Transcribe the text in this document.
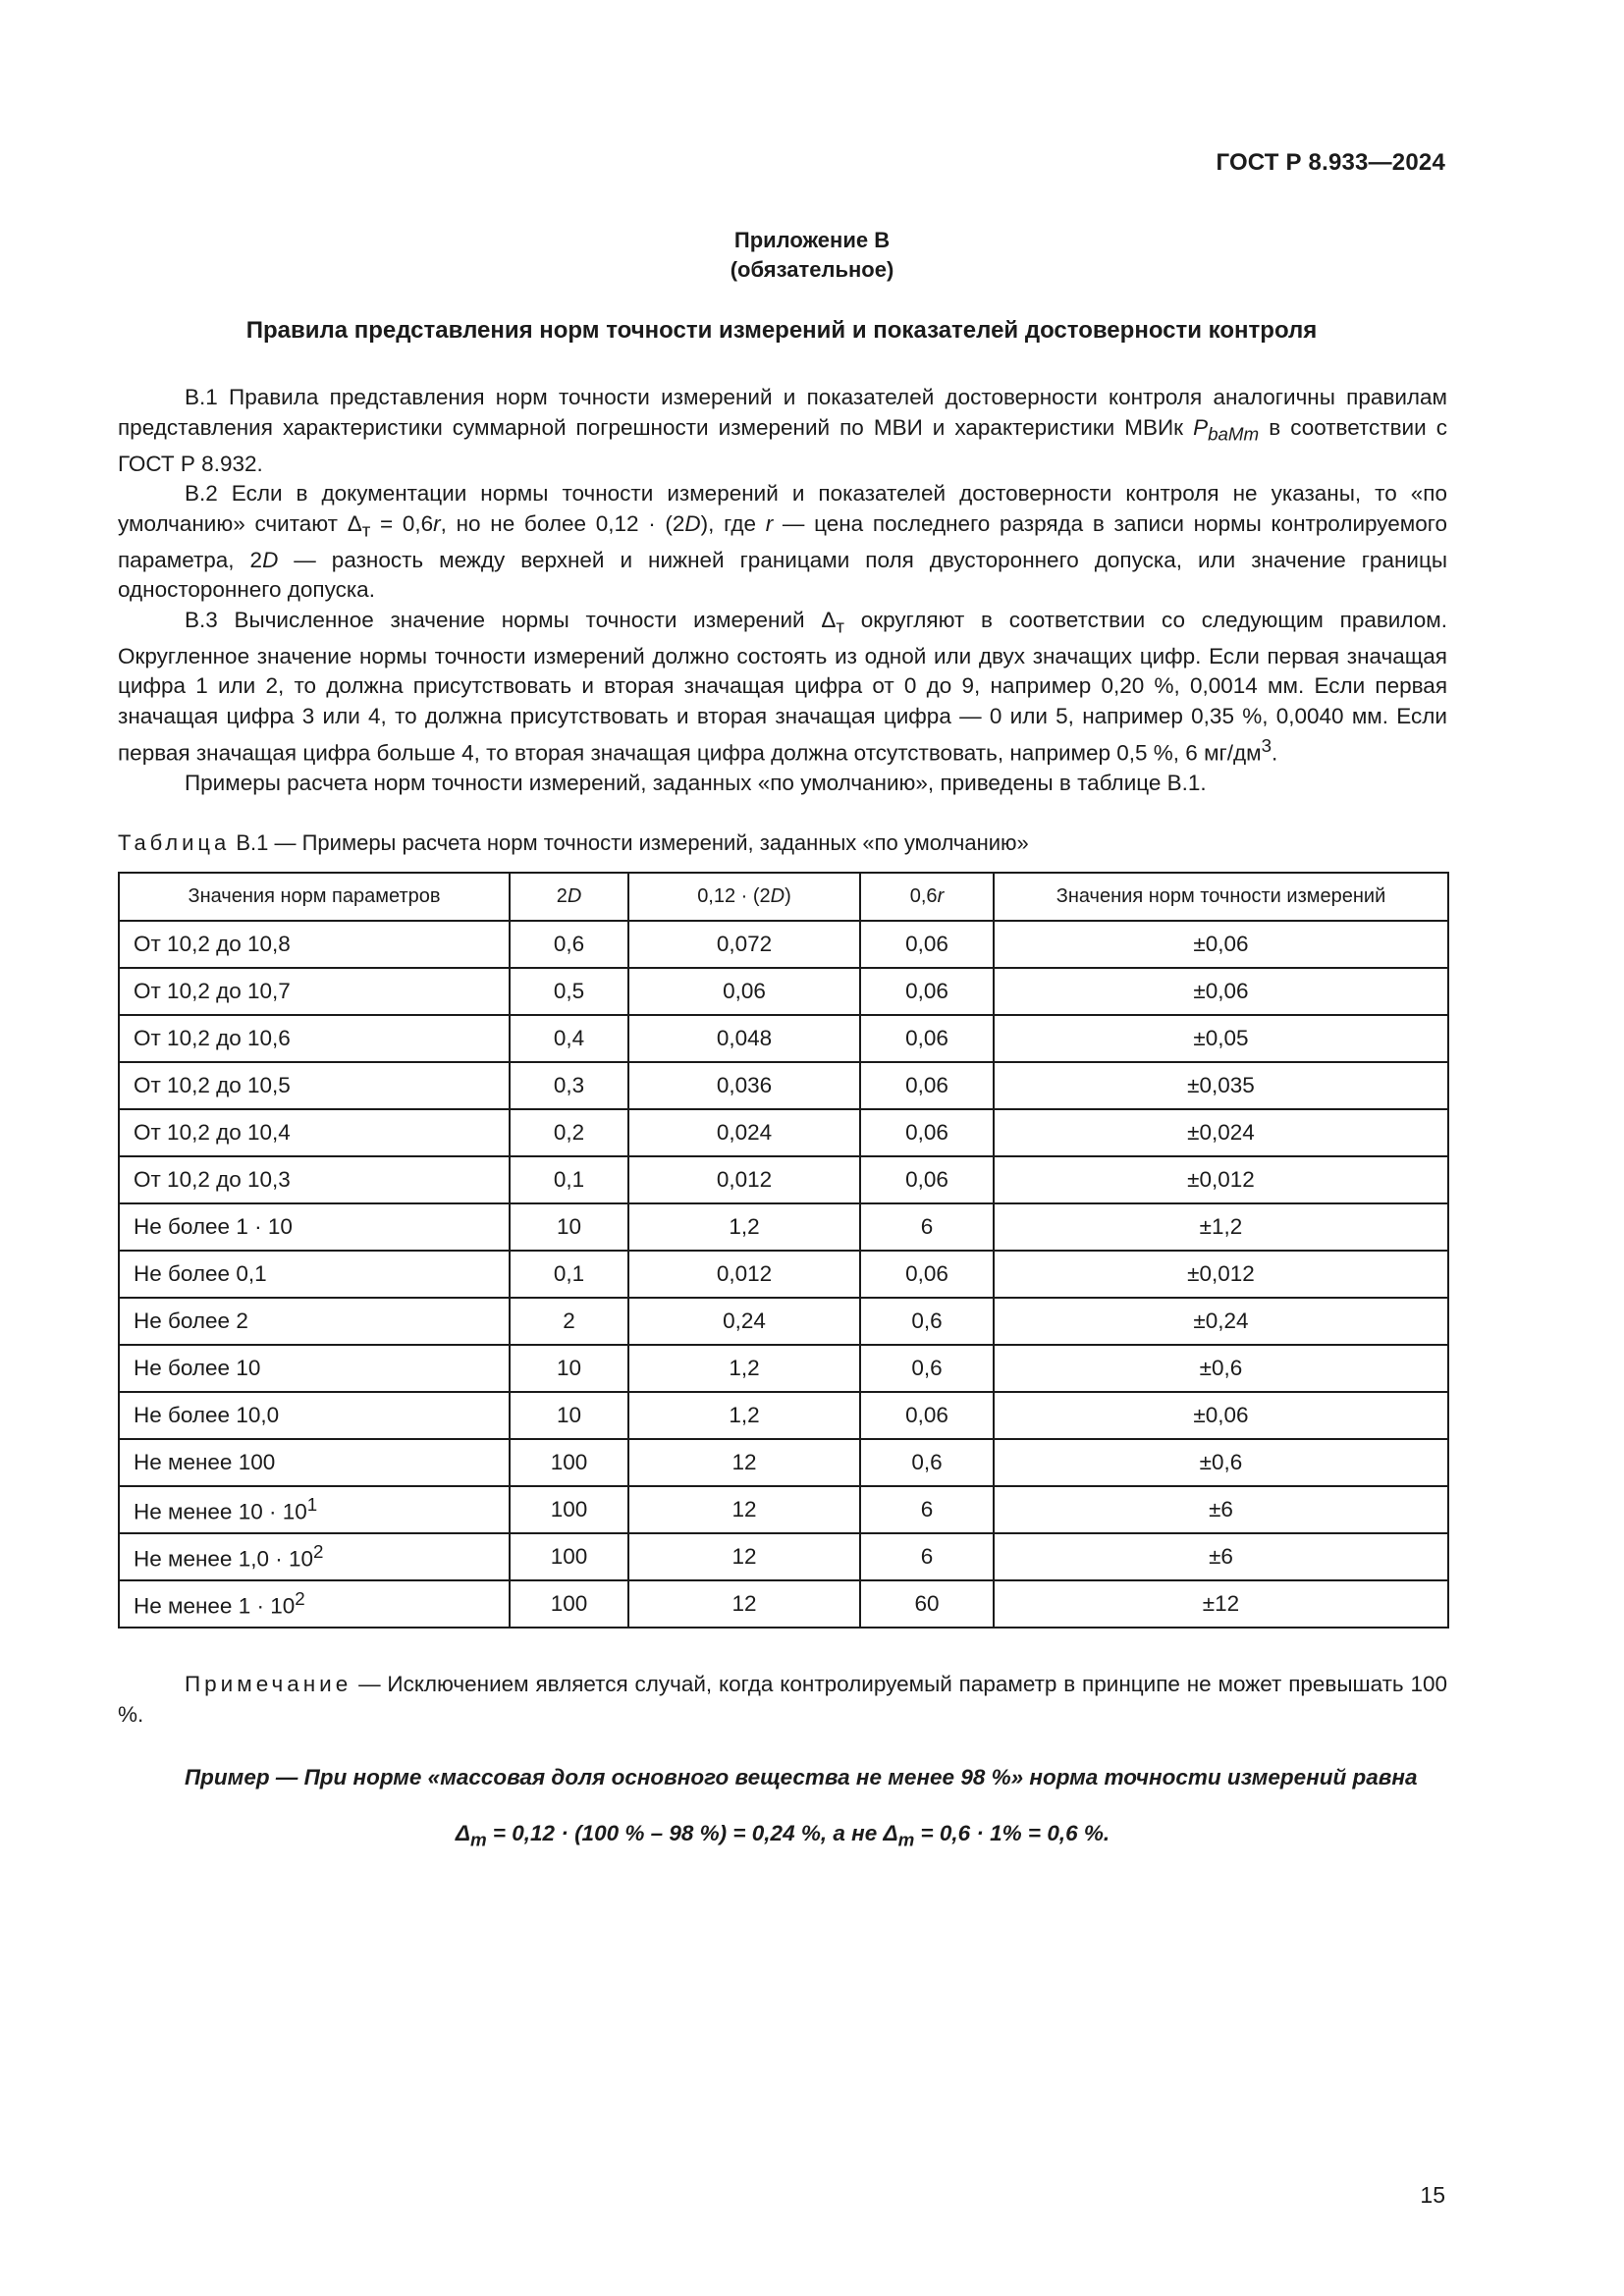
ГОСТ Р 8.933—2024
Приложение В
(обязательное)
Правила представления норм точности измерений и показателей достоверности контроля

В.1 Правила представления норм точности измерений и показателей достоверности контроля аналогичны правилам представления характеристики суммарной погрешности измерений по МВИ и характеристики МВИк $P_{baMm}$ в соответствии с ГОСТ Р 8.932.

В.2 Если в документации нормы точности измерений и показателей достоверности контроля не указаны, то «по умолчанию» считают $\Delta_т = 0,6r$, но не более 0,12 · (2D), где r — цена последнего разряда в записи нормы контролируемого параметра, 2D — разность между верхней и нижней границами поля двустороннего допуска, или значение границы одностороннего допуска.

В.3 Вычисленное значение нормы точности измерений $\Delta_т$ округляют в соответствии со следующим правилом. Округленное значение нормы точности измерений должно состоять из одной или двух значащих цифр. Если первая значащая цифра 1 или 2, то должна присутствовать и вторая значащая цифра от 0 до 9, например 0,20 %, 0,0014 мм. Если первая значащая цифра 3 или 4, то должна присутствовать и вторая значащая цифра — 0 или 5, например 0,35 %, 0,0040 мм. Если первая значащая цифра больше 4, то вторая значащая цифра должна отсутствовать, например 0,5 %, 6 $мг/дм^3$.

Примеры расчета норм точности измерений, заданных «по умолчанию», приведены в таблице В.1.

Таблица В.1 — Примеры расчета норм точности измерений, заданных «по умолчанию»
Значения норм параметров	2D	0,12 · (2D)	0,6r	Значения норм точности измерений
От 10,2 до 10,8	0,6	0,072	0,06	±0,06
От 10,2 до 10,7	0,5	0,06	0,06	±0,06
От 10,2 до 10,6	0,4	0,048	0,06	±0,05
От 10,2 до 10,5	0,3	0,036	0,06	±0,035
От 10,2 до 10,4	0,2	0,024	0,06	±0,024
От 10,2 до 10,3	0,1	0,012	0,06	±0,012
Не более 1 · 10	10	1,2	6	±1,2
Не более 0,1	0,1	0,012	0,06	±0,012
Не более 2	2	0,24	0,6	±0,24
Не более 10	10	1,2	0,6	±0,6
Не более 10,0	10	1,2	0,06	±0,06
Не менее 100	100	12	0,6	±0,6
Не менее $10 \cdot 10^1$	100	12	6	±6
Не менее $1,0 \cdot 10^2$	100	12	6	±6
Не менее $1 \cdot 10^2$	100	12	60	±12

Примечание — Исключением является случай, когда контролируемый параметр в принципе не может превышать 100 %.

Пример — При норме «массовая доля основного вещества не менее 98 %» норма точности измерений равна

$\Delta_m = 0,12 \cdot (100$ % – 98 %) = 0,24 %, а не $\Delta_m = 0,6 \cdot 1\% = 0,6$ %.
15
